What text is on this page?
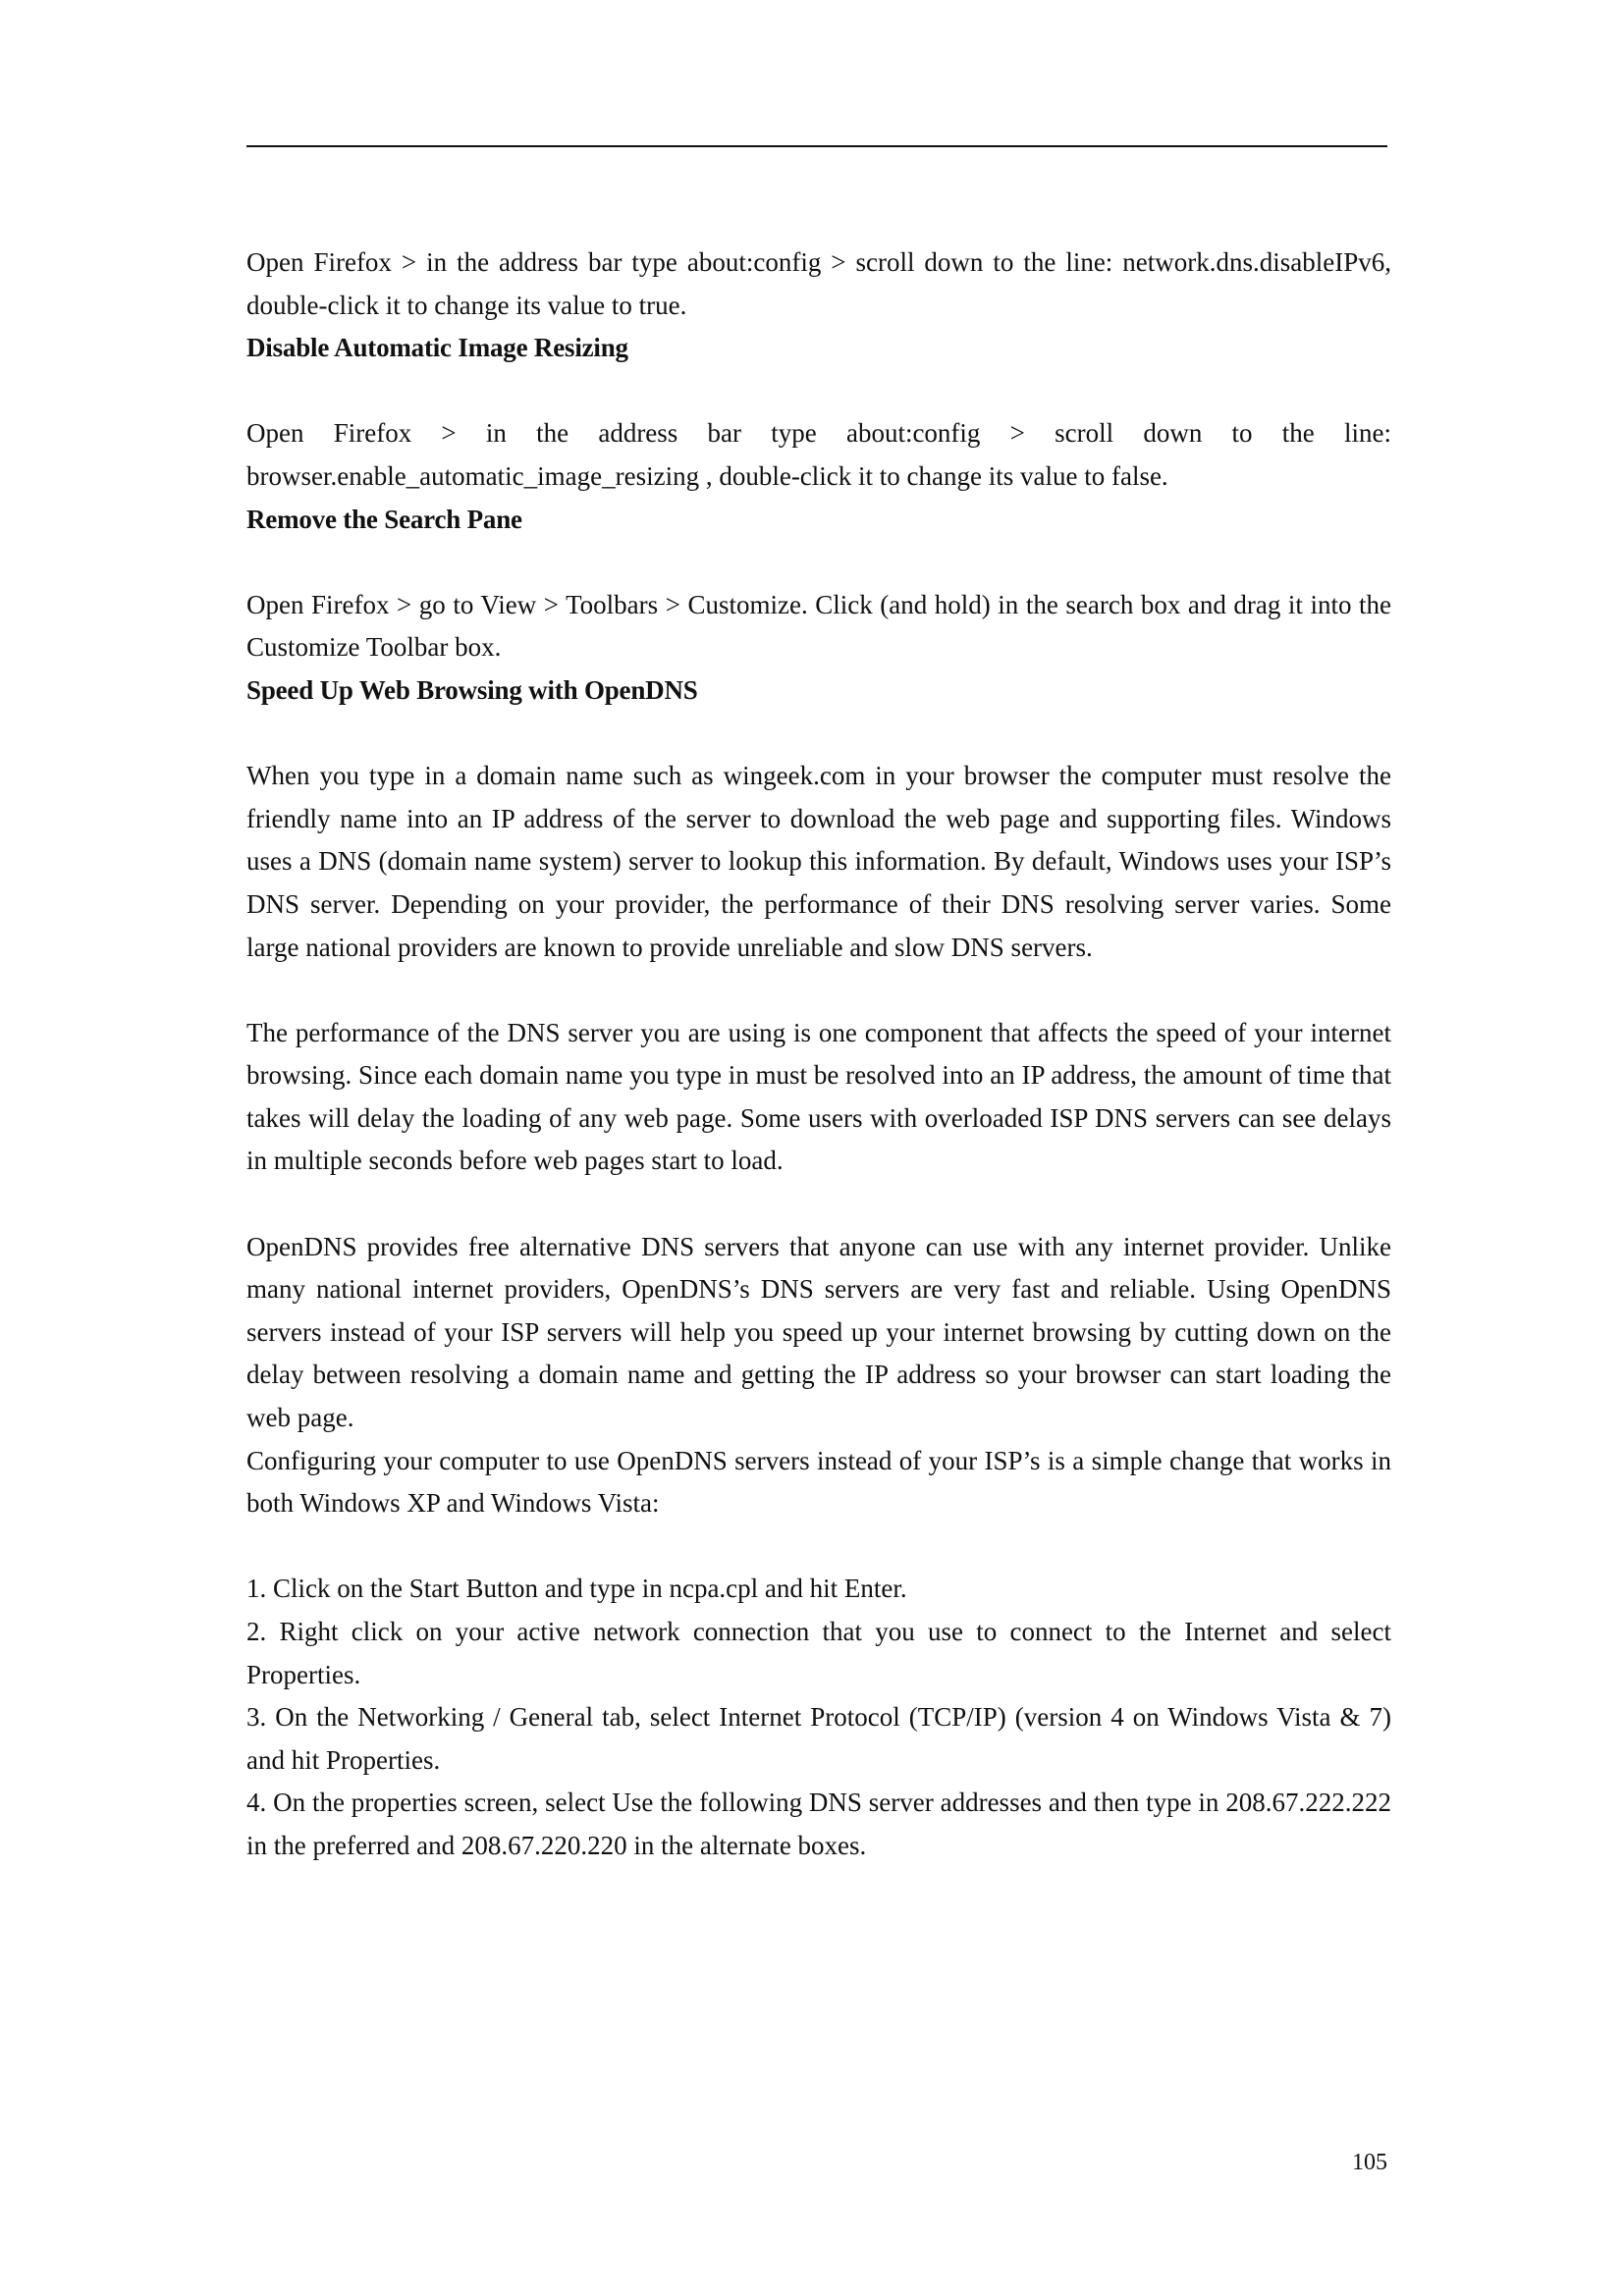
Open Firefox > in the address bar type about:config > scroll down to the line: network.dns.disableIPv6, double-click it to change its value to true.

Disable Automatic Image Resizing

Open Firefox > in the address bar type about:config > scroll down to the line: browser.enable_automatic_image_resizing , double-click it to change its value to false.

Remove the Search Pane

Open Firefox > go to View > Toolbars > Customize. Click (and hold) in the search box and drag it into the Customize Toolbar box.

Speed Up Web Browsing with OpenDNS

When you type in a domain name such as wingeek.com in your browser the computer must resolve the friendly name into an IP address of the server to download the web page and supporting files. Windows uses a DNS (domain name system) server to lookup this information. By default, Windows uses your ISP’s DNS server. Depending on your provider, the performance of their DNS resolving server varies. Some large national providers are known to provide unreliable and slow DNS servers.

The performance of the DNS server you are using is one component that affects the speed of your internet browsing. Since each domain name you type in must be resolved into an IP address, the amount of time that takes will delay the loading of any web page. Some users with overloaded ISP DNS servers can see delays in multiple seconds before web pages start to load.

OpenDNS provides free alternative DNS servers that anyone can use with any internet provider. Unlike many national internet providers, OpenDNS’s DNS servers are very fast and reliable. Using OpenDNS servers instead of your ISP servers will help you speed up your internet browsing by cutting down on the delay between resolving a domain name and getting the IP address so your browser can start loading the web page.

Configuring your computer to use OpenDNS servers instead of your ISP’s is a simple change that works in both Windows XP and Windows Vista:

1. Click on the Start Button and type in ncpa.cpl and hit Enter.

2. Right click on your active network connection that you use to connect to the Internet and select Properties.

3. On the Networking / General tab, select Internet Protocol (TCP/IP) (version 4 on Windows Vista & 7) and hit Properties.

4. On the properties screen, select Use the following DNS server addresses and then type in 208.67.222.222 in the preferred and 208.67.220.220 in the alternate boxes.

105
